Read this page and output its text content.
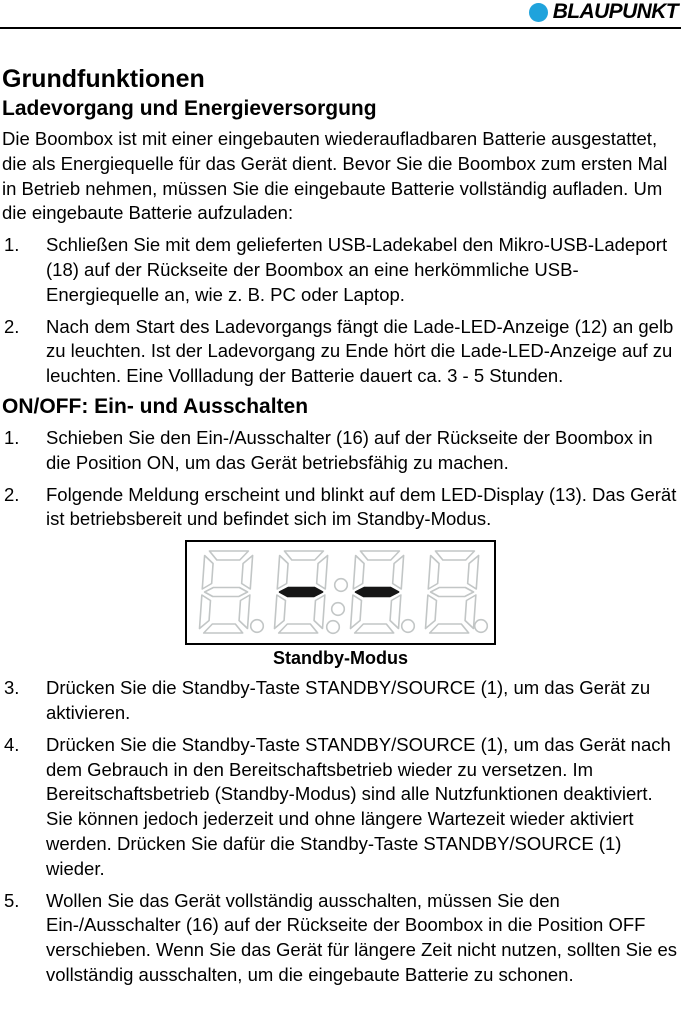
BLAUPUNKT
Grundfunktionen
Ladevorgang und Energieversorgung

Die Boombox ist mit einer eingebauten wiederaufladbaren Batterie ausgestattet, die als Energiequelle für das Gerät dient. Bevor Sie die Boombox zum ersten Mal in Betrieb nehmen, müssen Sie die eingebaute Batterie vollständig aufladen. Um die eingebaute Batterie aufzuladen:

1.	Schließen Sie mit dem gelieferten USB-Ladekabel den Mikro-USB-Ladeport (18) auf der Rückseite der Boombox an eine herkömmliche USB-Energiequelle an, wie z. B. PC oder Laptop.
2.	Nach dem Start des Ladevorgangs fängt die Lade-LED-Anzeige (12) an gelb zu leuchten. Ist der Ladevorgang zu Ende hört die Lade-LED-Anzeige auf zu leuchten. Eine Vollladung der Batterie dauert ca. 3 - 5 Stunden.
ON/OFF: Ein- und Ausschalten
1.	Schieben Sie den Ein-/Ausschalter (16) auf der Rückseite der Boombox in die Position ON, um das Gerät betriebsfähig zu machen.
2.	Folgende Meldung erscheint und blinkt auf dem LED-Display (13). Das Gerät ist betriebsbereit und befindet sich im Standby-Modus.
Standby-Modus
3.	Drücken Sie die Standby-Taste STANDBY/SOURCE (1), um das Gerät zu aktivieren.
4.	Drücken Sie die Standby-Taste STANDBY/SOURCE (1), um das Gerät nach dem Gebrauch in den Bereitschaftsbetrieb wieder zu versetzen. Im Bereitschaftsbetrieb (Standby-Modus) sind alle Nutzfunktionen deaktiviert. Sie können jedoch jederzeit und ohne längere Wartezeit wieder aktiviert werden. Drücken Sie dafür die Standby-Taste STANDBY/SOURCE (1) wieder.
5.	Wollen Sie das Gerät vollständig ausschalten, müssen Sie den Ein-/Ausschalter (16) auf der Rückseite der Boombox in die Position OFF verschieben. Wenn Sie das Gerät für längere Zeit nicht nutzen, sollten Sie es vollständig ausschalten, um die eingebaute Batterie zu schonen.
